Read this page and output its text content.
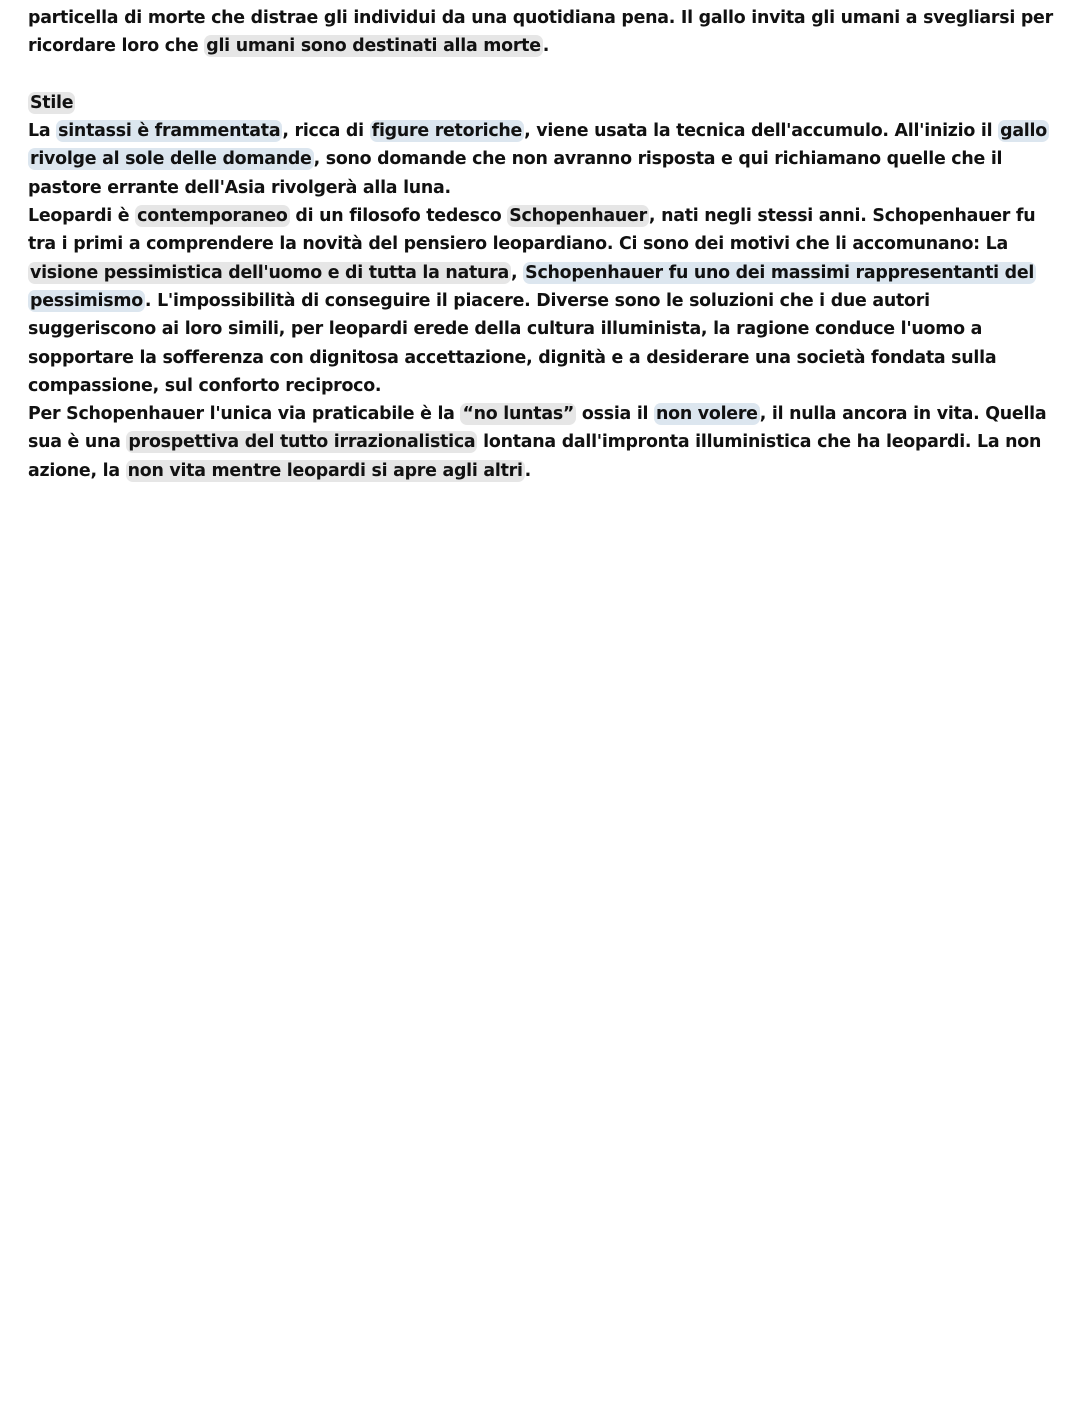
particella di morte che distrae gli individui da una quotidiana pena. Il gallo invita gli umani a svegliarsi per ricordare loro che gli umani sono destinati alla morte .

Stile

La sintassi è frammentata , ricca di figure retoriche , viene usata la tecnica dell'accumulo. All'inizio il gallo rivolge al sole delle domande , sono domande che non avranno risposta e qui richiamano quelle che il pastore errante dell'Asia rivolgerà alla luna.

Leopardi è contemporaneo di un filosofo tedesco Schopenhauer , nati negli stessi anni. Schopenhauer fu tra i primi a comprendere la novità del pensiero leopardiano. Ci sono dei motivi che li accomunano: La visione pessimistica dell'uomo e di tutta la natura , Schopenhauer fu uno dei massimi rappresentanti del pessimismo . L'impossibilità di conseguire il piacere. Diverse sono le soluzioni che i due autori suggeriscono ai loro simili, per leopardi erede della cultura illuminista, la ragione conduce l'uomo a sopportare la sofferenza con dignitosa accettazione, dignità e a desiderare una società fondata sulla compassione, sul conforto reciproco.

Per Schopenhauer l'unica via praticabile è la “no luntas” ossia il non volere , il nulla ancora in vita. Quella sua è una prospettiva del tutto irrazionalistica lontana dall'impronta illuministica che ha leopardi. La non azione, la non vita mentre leopardi si apre agli altri .
